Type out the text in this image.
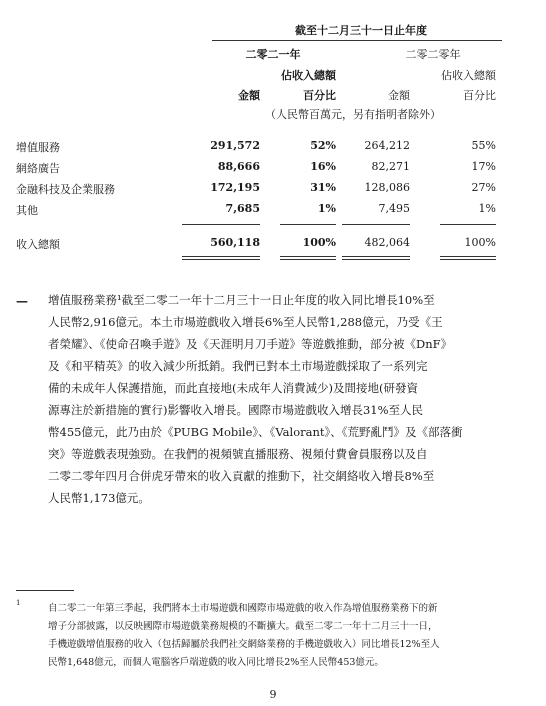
截至十二月三十一日止年度
二零二一年	二零二零年
佔收入總額	佔收入總額
金額	百分比	金額	百分比
（人民幣百萬元，另有指明者除外）
增值服務	291,572	52%	264,212	55%
網絡廣告	88,666	16%	82,271	17%
金融科技及企業服務	172,195	31%	128,086	27%
其他	7,685	1%	7,495	1%
收入總額	560,118	100%	482,064	100%
— 增值服務業務¹截至二零二一年十二月三十一日止年度的收入同比增長10%至
人民幣2,916億元。本土市場遊戲收入增長6%至人民幣1,288億元，乃受《王
者榮耀》、《使命召喚手遊》及《天涯明月刀手遊》等遊戲推動，部分被《DnF》
及《和平精英》的收入減少所抵銷。我們已對本土市場遊戲採取了一系列完
備的未成年人保護措施，而此直接地(未成年人消費減少)及間接地(研發資
源專注於新措施的實行)影響收入增長。國際市場遊戲收入增長31%至人民
幣455億元，此乃由於《PUBG Mobile》、《Valorant》、《荒野亂鬥》及《部落衝
突》等遊戲表現強勁。在我們的視頻號直播服務、視頻付費會員服務以及自
二零二零年四月合併虎牙帶來的收入貢獻的推動下，社交網絡收入增長8%至
人民幣1,173億元。
1	自二零二一年第三季起，我們將本土市場遊戲和國際市場遊戲的收入作為增值服務業務下的新
增子分部披露，以反映國際市場遊戲業務規模的不斷擴大。截至二零二一年十二月三十一日，
手機遊戲增值服務的收入（包括歸屬於我們社交網絡業務的手機遊戲收入）同比增長12%至人
民幣1,648億元，而個人電腦客戶端遊戲的收入同比增長2%至人民幣453億元。
9
